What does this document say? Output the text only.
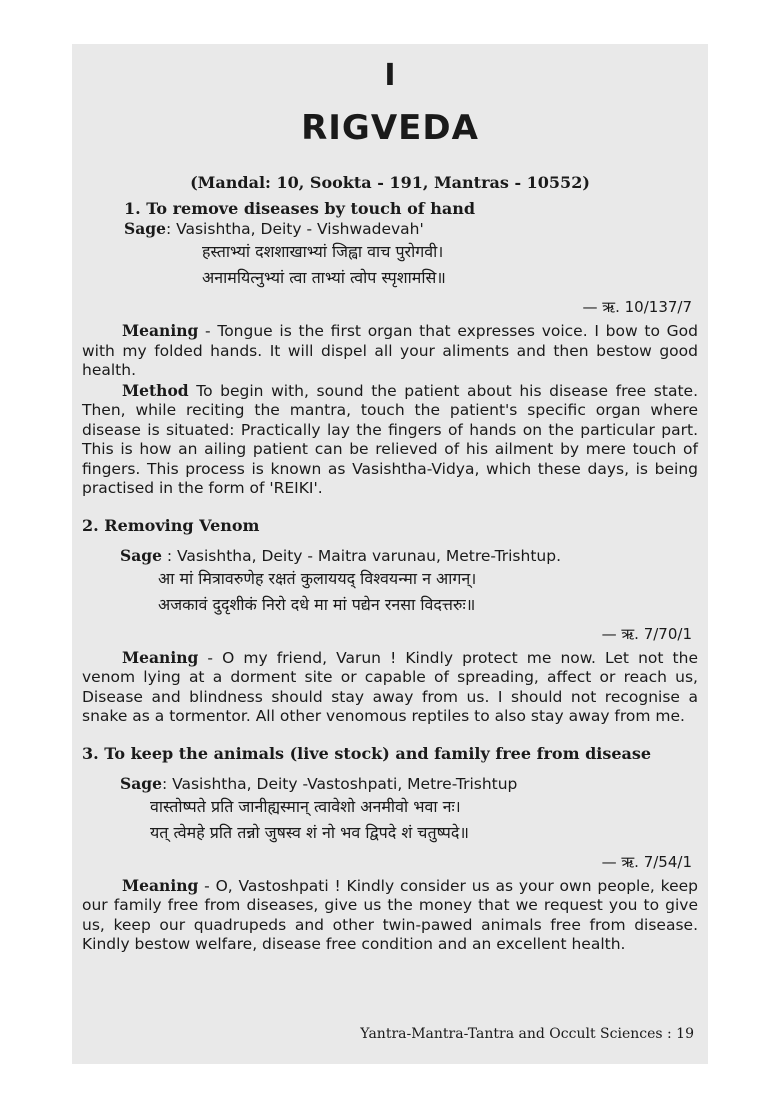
I
RIGVEDA
(Mandal: 10, Sookta - 191, Mantras - 10552)
1. To remove diseases by touch of hand
Sage: Vasishtha, Deity - Vishwadevah'
हस्ताभ्यां दशशाखाभ्यां जिह्वा वाच पुरोगवी।
अनामयित्नुभ्यां त्वा ताभ्यां त्वोप स्पृशामसि॥
— ऋ. 10/137/7

Meaning - Tongue is the first organ that expresses voice. I bow to God with my folded hands. It will dispel all your aliments and then bestow good health.

Method To begin with, sound the patient about his disease free state. Then, while reciting the mantra, touch the patient's specific organ where disease is situated: Practically lay the fingers of hands on the particular part. This is how an ailing patient can be relieved of his ailment by mere touch of fingers. This process is known as Vasishtha-Vidya, which these days, is being practised in the form of 'REIKI'.

2. Removing Venom
Sage : Vasishtha, Deity - Maitra varunau, Metre-Trishtup.
आ मां मित्रावरुणेह रक्षतं कुलाययद् विश्वयन्मा न आगन्।
अजकावं दुदृशीकं निरो दधे मा मां पद्येन रनसा विदत्तरुः॥
— ऋ. 7/70/1

Meaning - O my friend, Varun ! Kindly protect me now. Let not the venom lying at a dorment site or capable of spreading, affect or reach us, Disease and blindness should stay away from us. I should not recognise a snake as a tormentor. All other venomous reptiles to also stay away from me.

3. To keep the animals (live stock) and family free from disease
Sage: Vasishtha, Deity -Vastoshpati, Metre-Trishtup
वास्तोष्पते प्रति जानीह्यस्मान् त्वावेशो अनमीवो भवा नः।
यत् त्वेमहे प्रति तन्नो जुषस्व शं नो भव द्विपदे शं चतुष्पदे॥
— ऋ. 7/54/1

Meaning - O, Vastoshpati ! Kindly consider us as your own people, keep our family free from diseases, give us the money that we request you to give us, keep our quadrupeds and other twin-pawed animals free from disease. Kindly bestow welfare, disease free condition and an excellent health.

Yantra-Mantra-Tantra and Occult Sciences : 19
